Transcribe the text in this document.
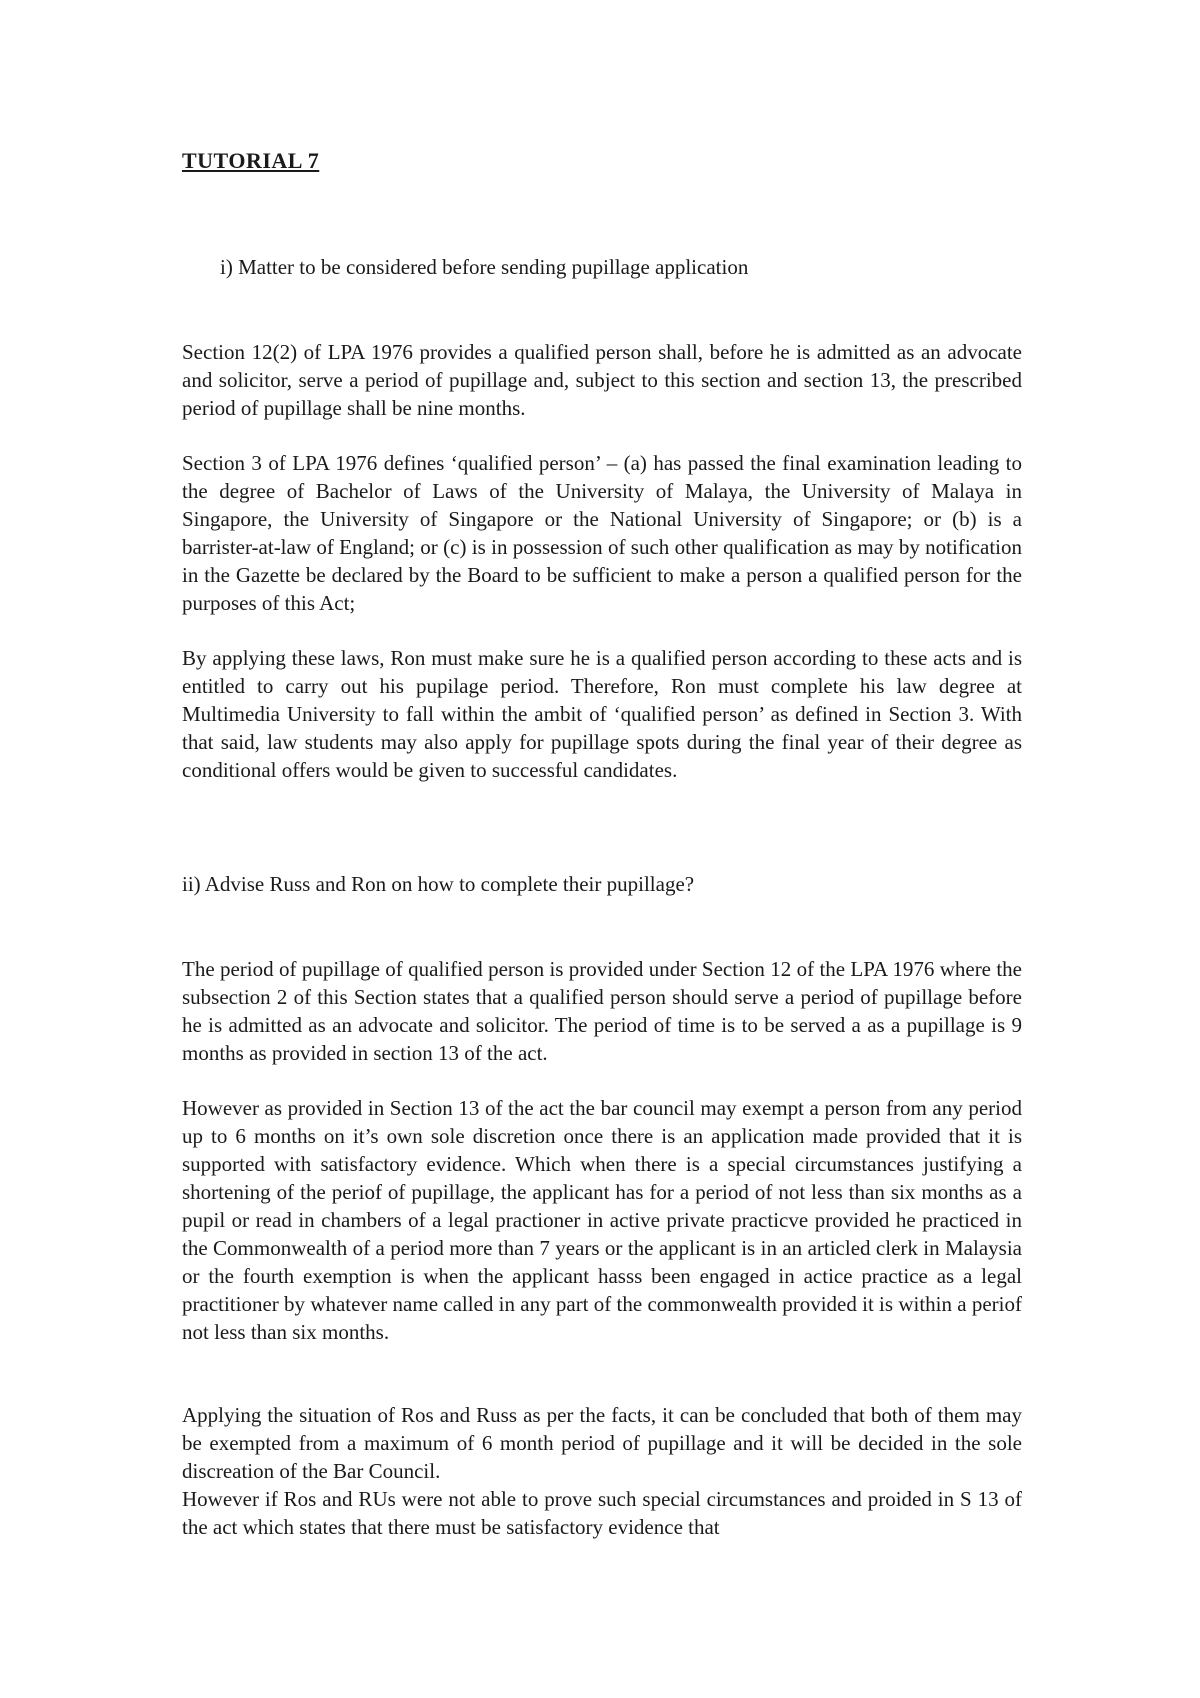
TUTORIAL 7
i) Matter to be considered before sending pupillage application

Section 12(2) of LPA 1976 provides a qualified person shall, before he is admitted as an advocate and solicitor, serve a period of pupillage and, subject to this section and section 13, the prescribed period of pupillage shall be nine months.

Section 3 of LPA 1976 defines ‘qualified person’ – (a) has passed the final examination leading to the degree of Bachelor of Laws of the University of Malaya, the University of Malaya in Singapore, the University of Singapore or the National University of Singapore; or (b) is a barrister-at-law of England; or (c) is in possession of such other qualification as may by notification in the Gazette be declared by the Board to be sufficient to make a person a qualified person for the purposes of this Act;

By applying these laws, Ron must make sure he is a qualified person according to these acts and is entitled to carry out his pupilage period. Therefore, Ron must complete his law degree at Multimedia University to fall within the ambit of ‘qualified person’ as defined in Section 3. With that said, law students may also apply for pupillage spots during the final year of their degree as conditional offers would be given to successful candidates.

ii) Advise Russ and Ron on how to complete their pupillage?

The period of pupillage of qualified person is provided under Section 12 of the LPA 1976 where the subsection 2 of this Section states that a qualified person should serve a period of pupillage before he is admitted as an advocate and solicitor. The period of time is to be served a as a pupillage is 9 months as provided in section 13 of the act.

However as provided in Section 13 of the act the bar council may exempt a person from any period up to 6 months on it’s own sole discretion once there is an application made provided that it is supported with satisfactory evidence. Which when there is a special circumstances justifying a shortening of the periof of pupillage, the applicant has for a period of not less than six months as a pupil or read in chambers of a legal practioner in active private practicve provided he practiced in the Commonwealth of a period more than 7 years or the applicant is in an articled clerk in Malaysia or the fourth exemption is when the applicant hasss been engaged in actice practice as a legal practitioner by whatever name called in any part of the commonwealth provided it is within a periof not less than six months.

Applying the situation of Ros and Russ as per the facts, it can be concluded that both of them may be exempted from a maximum of 6 month period of pupillage and it will be decided in the sole discreation of the Bar Council.

However if Ros and RUs were not able to prove such special circumstances and proided in S 13 of the act which states that there must be satisfactory evidence that
